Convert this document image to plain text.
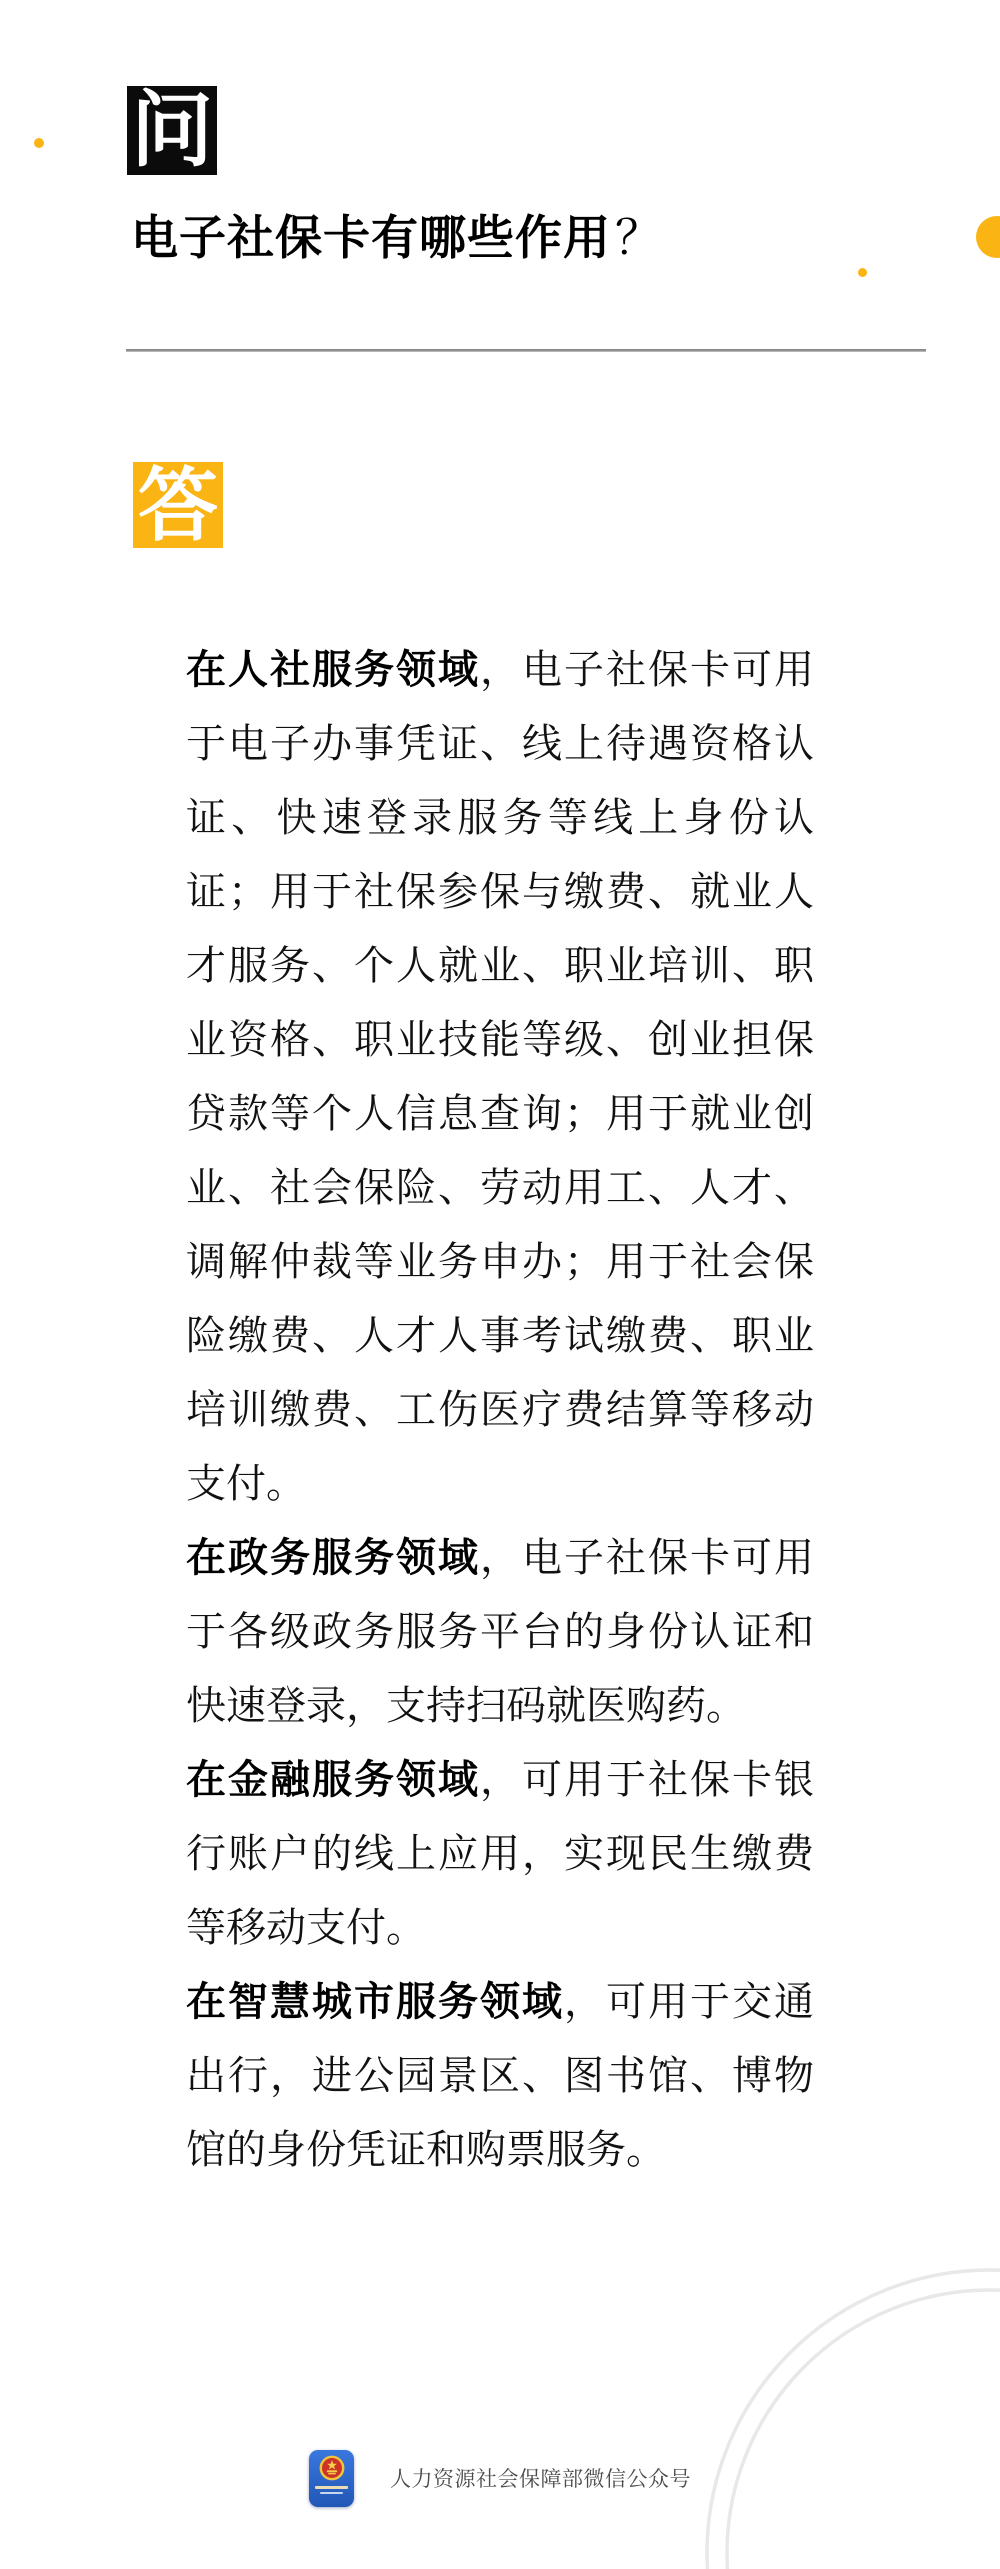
问
电子社保卡有哪些作用？
答

在人社服务领域，电子社保卡可用于电子办事凭证、线上待遇资格认证、快速登录服务等线上身份认证；用于社保参保与缴费、就业人才服务、个人就业、职业培训、职业资格、职业技能等级、创业担保贷款等个人信息查询；用于就业创业、社会保险、劳动用工、人才、调解仲裁等业务申办；用于社会保险缴费、人才人事考试缴费、职业培训缴费、工伤医疗费结算等移动支付。

在政务服务领域，电子社保卡可用于各级政务服务平台的身份认证和快速登录，支持扫码就医购药。

在金融服务领域，可用于社保卡银行账户的线上应用，实现民生缴费等移动支付。

在智慧城市服务领域，可用于交通出行，进公园景区、图书馆、博物馆的身份凭证和购票服务。

人力资源社会保障部微信公众号
